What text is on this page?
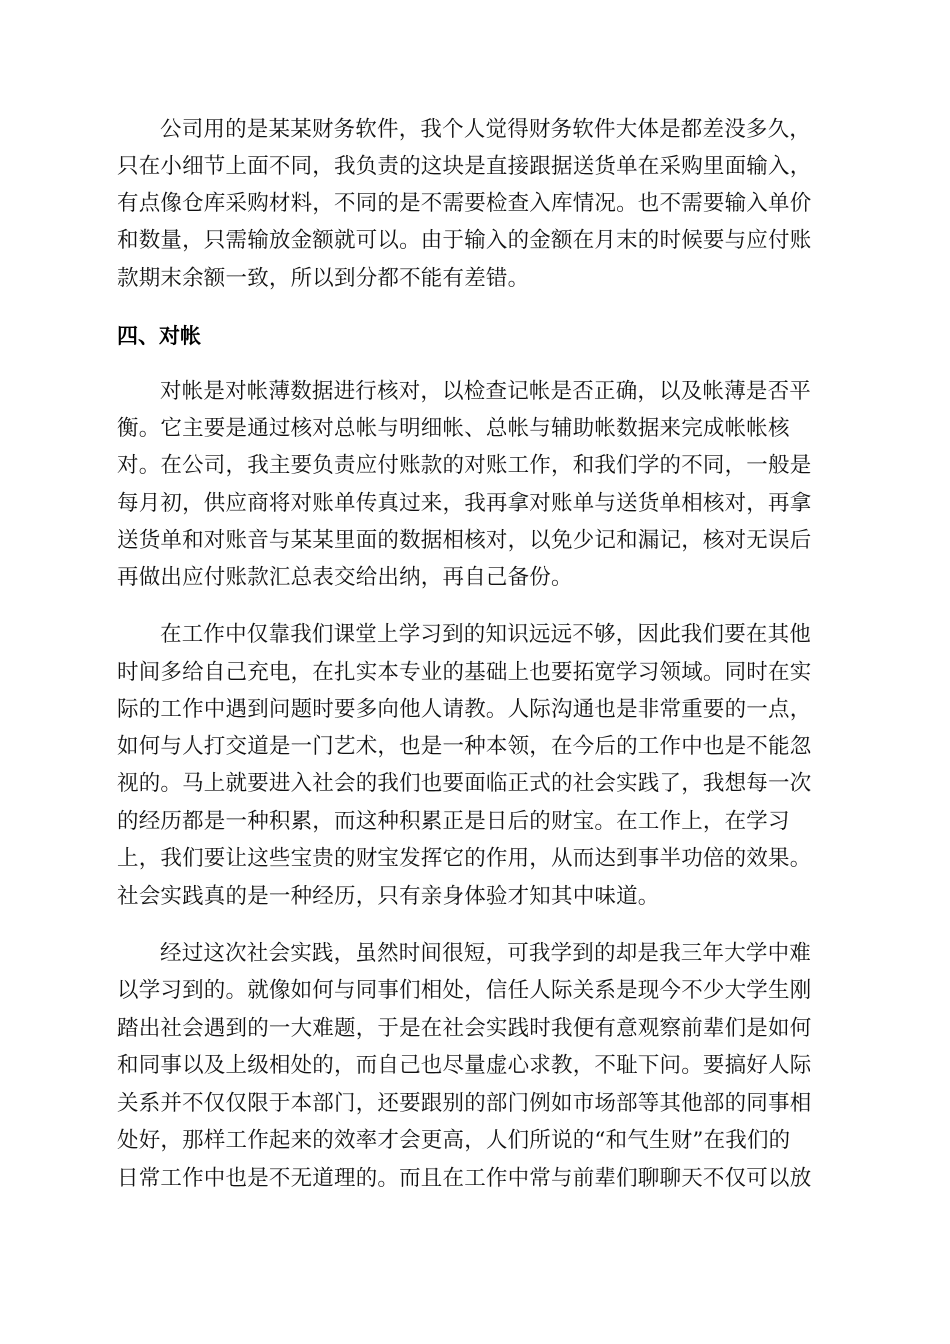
公司用的是某某财务软件，我个人觉得财务软件大体是都差没多久，
只在小细节上面不同，我负责的这块是直接跟据送货单在采购里面输入，
有点像仓库采购材料，不同的是不需要检查入库情况。也不需要输入单价
和数量，只需输放金额就可以。由于输入的金额在月末的时候要与应付账
款期末余额一致，所以到分都不能有差错。
四、对帐
对帐是对帐薄数据进行核对，以检查记帐是否正确，以及帐薄是否平
衡。它主要是通过核对总帐与明细帐、总帐与辅助帐数据来完成帐帐核
对。在公司，我主要负责应付账款的对账工作，和我们学的不同，一般是
每月初，供应商将对账单传真过来，我再拿对账单与送货单相核对，再拿
送货单和对账音与某某里面的数据相核对，以免少记和漏记，核对无误后
再做出应付账款汇总表交给出纳，再自己备份。
在工作中仅靠我们课堂上学习到的知识远远不够，因此我们要在其他
时间多给自己充电，在扎实本专业的基础上也要拓宽学习领域。同时在实
际的工作中遇到问题时要多向他人请教。人际沟通也是非常重要的一点，
如何与人打交道是一门艺术，也是一种本领，在今后的工作中也是不能忽
视的。马上就要进入社会的我们也要面临正式的社会实践了，我想每一次
的经历都是一种积累，而这种积累正是日后的财宝。在工作上，在学习
上，我们要让这些宝贵的财宝发挥它的作用，从而达到事半功倍的效果。
社会实践真的是一种经历，只有亲身体验才知其中味道。
经过这次社会实践，虽然时间很短，可我学到的却是我三年大学中难
以学习到的。就像如何与同事们相处，信任人际关系是现今不少大学生刚
踏出社会遇到的一大难题，于是在社会实践时我便有意观察前辈们是如何
和同事以及上级相处的，而自己也尽量虚心求教，不耻下问。要搞好人际
关系并不仅仅限于本部门，还要跟别的部门例如市场部等其他部的同事相
处好，那样工作起来的效率才会更高，人们所说的“和气生财”在我们的
日常工作中也是不无道理的。而且在工作中常与前辈们聊聊天不仅可以放
